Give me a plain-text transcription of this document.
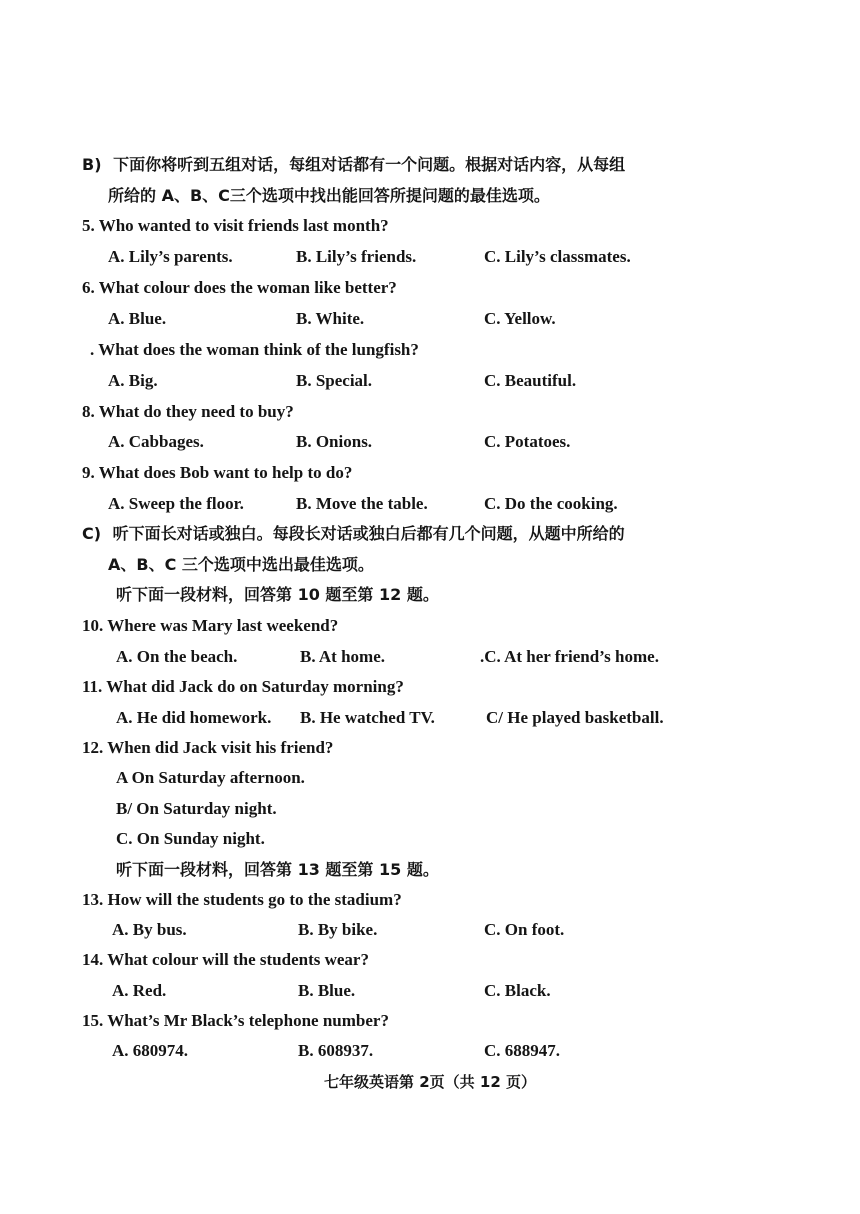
B) 下面你将听到五组对话，每组对话都有一个问题。根据对话内容，从每组
所给的 A、B、C三个选项中找出能回答所提问题的最佳选项。
5. Who wanted to visit friends last month?
A. Lily’s parents.	B. Lily’s friends.	C. Lily’s classmates.
6. What colour does the woman like better?
A. Blue.	B. White.	C. Yellow.
. What does the woman think of the lungfish?
A. Big.	B. Special.	C. Beautiful.
8. What do they need to buy?
A. Cabbages.	B. Onions.	C. Potatoes.
9. What does Bob want to help to do?
A. Sweep the floor.	B. Move the table.	C. Do the cooking.
C) 听下面长对话或独白。每段长对话或独白后都有几个问题，从题中所给的
A、B、C 三个选项中选出最佳选项。
听下面一段材料，回答第 10 题至第 12 题。
10. Where was Mary last weekend?
A. On the beach.	B. At home.	.C. At her friend’s home.
11. What did Jack do on Saturday morning?
A. He did homework. B. He watched TV.	C/ He played basketball.
12. When did Jack visit his friend?
A On Saturday afternoon.
B/ On Saturday night.
C. On Sunday night.
听下面一段材料，回答第 13 题至第 15 题。
13. How will the students go to the stadium?
A. By bus.	B. By bike.	C. On foot.
14. What colour will the students wear?
A. Red.	B. Blue.	C. Black.
15. What’s Mr Black’s telephone number?
A. 680974.	B. 608937.	C. 688947.
七年级英语第 2页（共 12 页）
